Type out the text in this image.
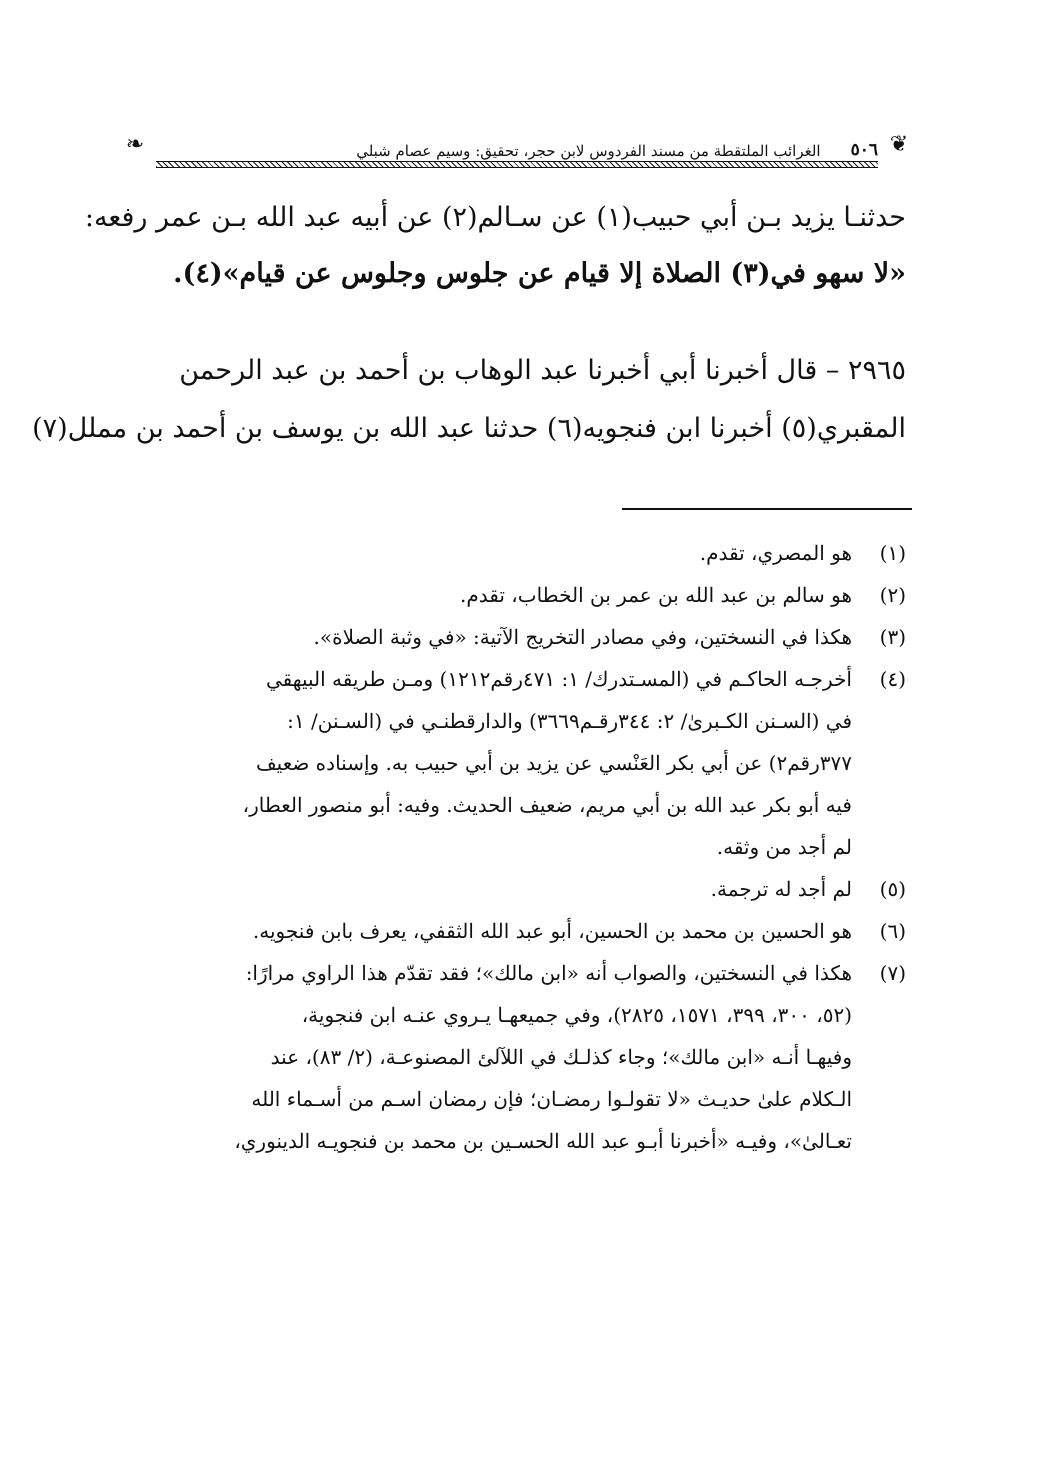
❦
٥٠٦
الغرائب الملتقطة من مسند الفردوس لابن حجر، تحقيق: وسيم عصام شبلي
❧
حدثنـا يزيد بـن أبي حبيب(١) عن سـالم(٢) عن أبيه عبد الله بـن عمر رفعه:
«لا سهو في(٣) الصلاة إلا قيام عن جلوس وجلوس عن قيام»(٤).
٢٩٦٥ – قال أخبرنا أبي أخبرنا عبد الوهاب بن أحمد بن عبد الرحمن
المقبري(٥) أخبرنا ابن فنجويه(٦) حدثنا عبد الله بن يوسف بن أحمد بن مملل(٧)
(١)
هو المصري، تقدم.
(٢)
هو سالم بن عبد الله بن عمر بن الخطاب، تقدم.
(٣)
هكذا في النسختين، وفي مصادر التخريج الآتية: «في وثبة الصلاة».
(٤)
أخرجـه الحاكـم في (المسـتدرك/ ١: ٤٧١رقم١٢١٢) ومـن طريقه البيهقي
في (السـنن الكـبرىٰ/ ٢: ٣٤٤رقـم٣٦٦٩) والدارقطنـي في (السـنن/ ١:
٣٧٧رقم٢) عن أبي بكر العَنْسي عن يزيد بن أبي حبيب به. وإسناده ضعيف
فيه أبو بكر عبد الله بن أبي مريم، ضعيف الحديث. وفيه: أبو منصور العطار،
لم أجد من وثقه.
(٥)
لم أجد له ترجمة.
(٦)
هو الحسين بن محمد بن الحسين، أبو عبد الله الثقفي، يعرف بابن فنجويه.
(٧)
هكذا في النسختين، والصواب أنه «ابن مالك»؛ فقد تقدّم هذا الراوي مرارًا:
(٥٢، ٣٠٠، ٣٩٩، ١٥٧١، ٢٨٢٥)، وفي جميعهـا يـروي عنـه ابن فنجوية،
وفيهـا أنـه «ابن مالك»؛ وجاء كذلـك في اللآلئ المصنوعـة، (٢/ ٨٣)، عند
الـكلام علىٰ حديـث «لا تقولـوا رمضـان؛ فإن رمضان اسـم من أسـماء الله
تعـالىٰ»، وفيـه «أخبرنا أبـو عبد الله الحسـين بن محمد بن فنجويـه الدينوري،
